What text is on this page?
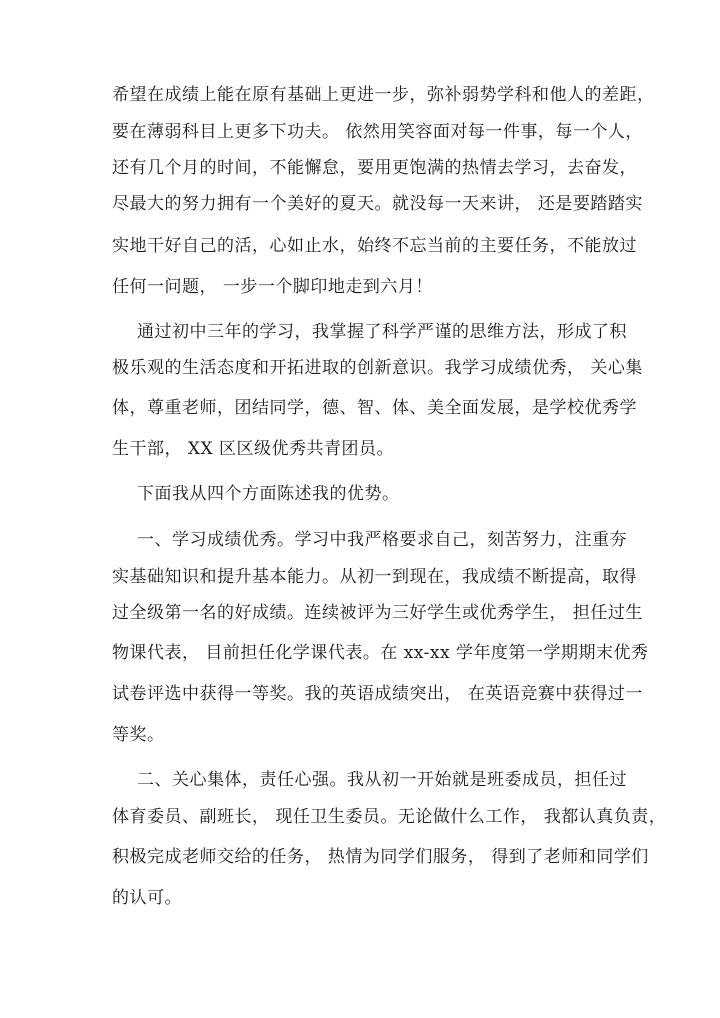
希望在成绩上能在原有基础上更进一步，弥补弱势学科和他人的差距，
要在薄弱科目上更多下功夫。 依然用笑容面对每一件事，每一个人，
还有几个月的时间，不能懈怠，要用更饱满的热情去学习，去奋发，
尽最大的努力拥有一个美好的夏天。就没每一天来讲， 还是要踏踏实
实地干好自己的活，心如止水，始终不忘当前的主要任务，不能放过
任何一问题， 一步一个脚印地走到六月！
通过初中三年的学习，我掌握了科学严谨的思维方法，形成了积
极乐观的生活态度和开拓进取的创新意识。我学习成绩优秀， 关心集
体，尊重老师，团结同学，德、智、体、美全面发展，是学校优秀学
生干部， XX 区区级优秀共青团员。
下面我从四个方面陈述我的优势。
一、学习成绩优秀。学习中我严格要求自己，刻苦努力，注重夯
实基础知识和提升基本能力。从初一到现在，我成绩不断提高，取得
过全级第一名的好成绩。连续被评为三好学生或优秀学生， 担任过生
物课代表， 目前担任化学课代表。在 xx-xx 学年度第一学期期末优秀
试卷评选中获得一等奖。我的英语成绩突出， 在英语竞赛中获得过一
等奖。
二、关心集体，责任心强。我从初一开始就是班委成员，担任过
体育委员、副班长， 现任卫生委员。无论做什么工作， 我都认真负责，
积极完成老师交给的任务， 热情为同学们服务， 得到了老师和同学们
的认可。
